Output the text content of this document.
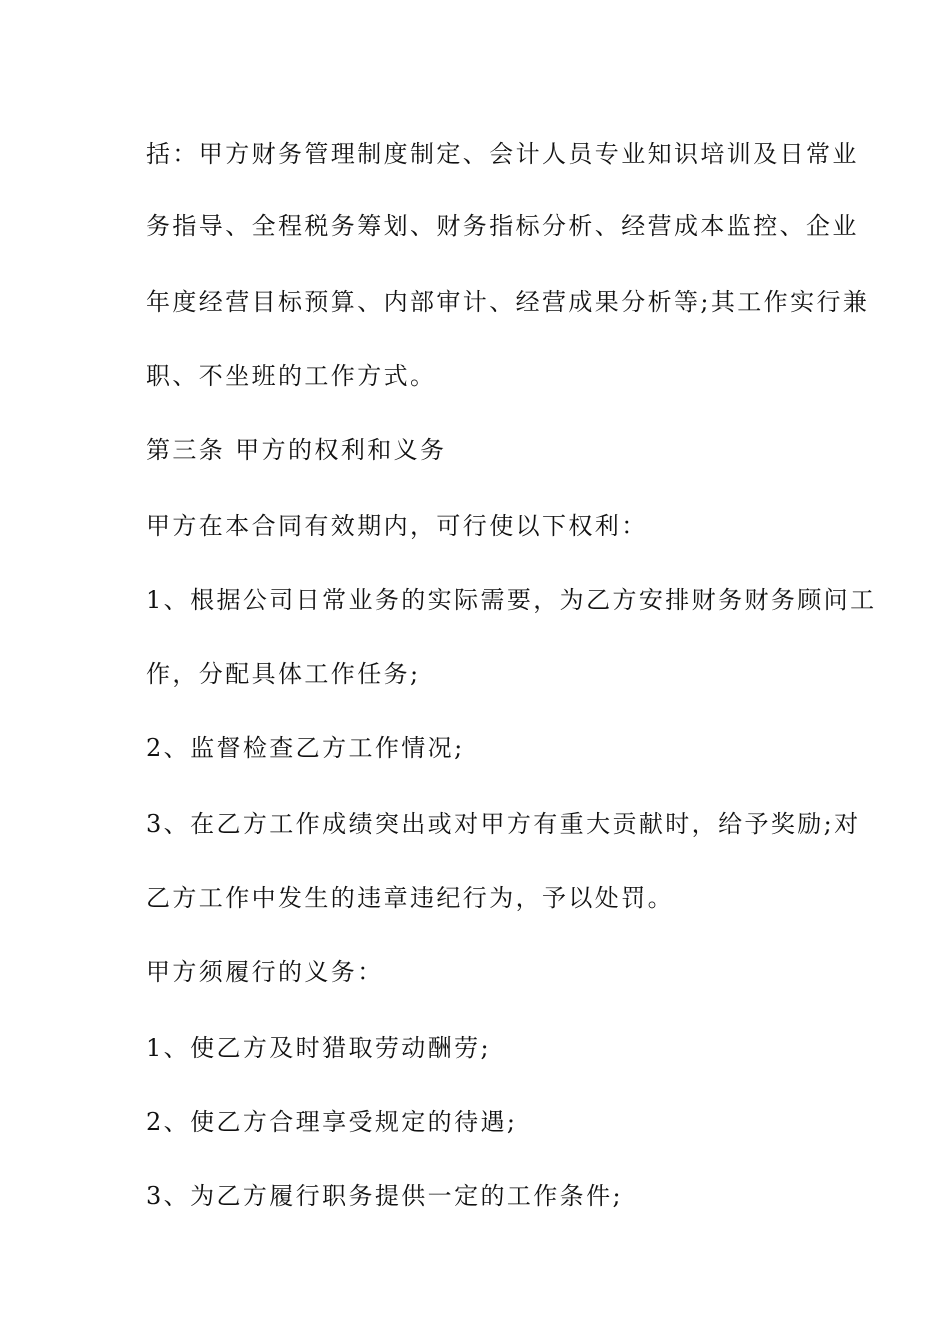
括：甲方财务管理制度制定、会计人员专业知识培训及日常业
务指导、全程税务筹划、财务指标分析、经营成本监控、企业
年度经营目标预算、内部审计、经营成果分析等;其工作实行兼
职、不坐班的工作方式。
第三条 甲方的权利和义务
甲方在本合同有效期内，可行使以下权利：
1、根据公司日常业务的实际需要，为乙方安排财务财务顾问工
作，分配具体工作任务;
2、监督检查乙方工作情况;
3、在乙方工作成绩突出或对甲方有重大贡献时，给予奖励;对
乙方工作中发生的违章违纪行为，予以处罚。
甲方须履行的义务：
1、使乙方及时猎取劳动酬劳;
2、使乙方合理享受规定的待遇;
3、为乙方履行职务提供一定的工作条件;
